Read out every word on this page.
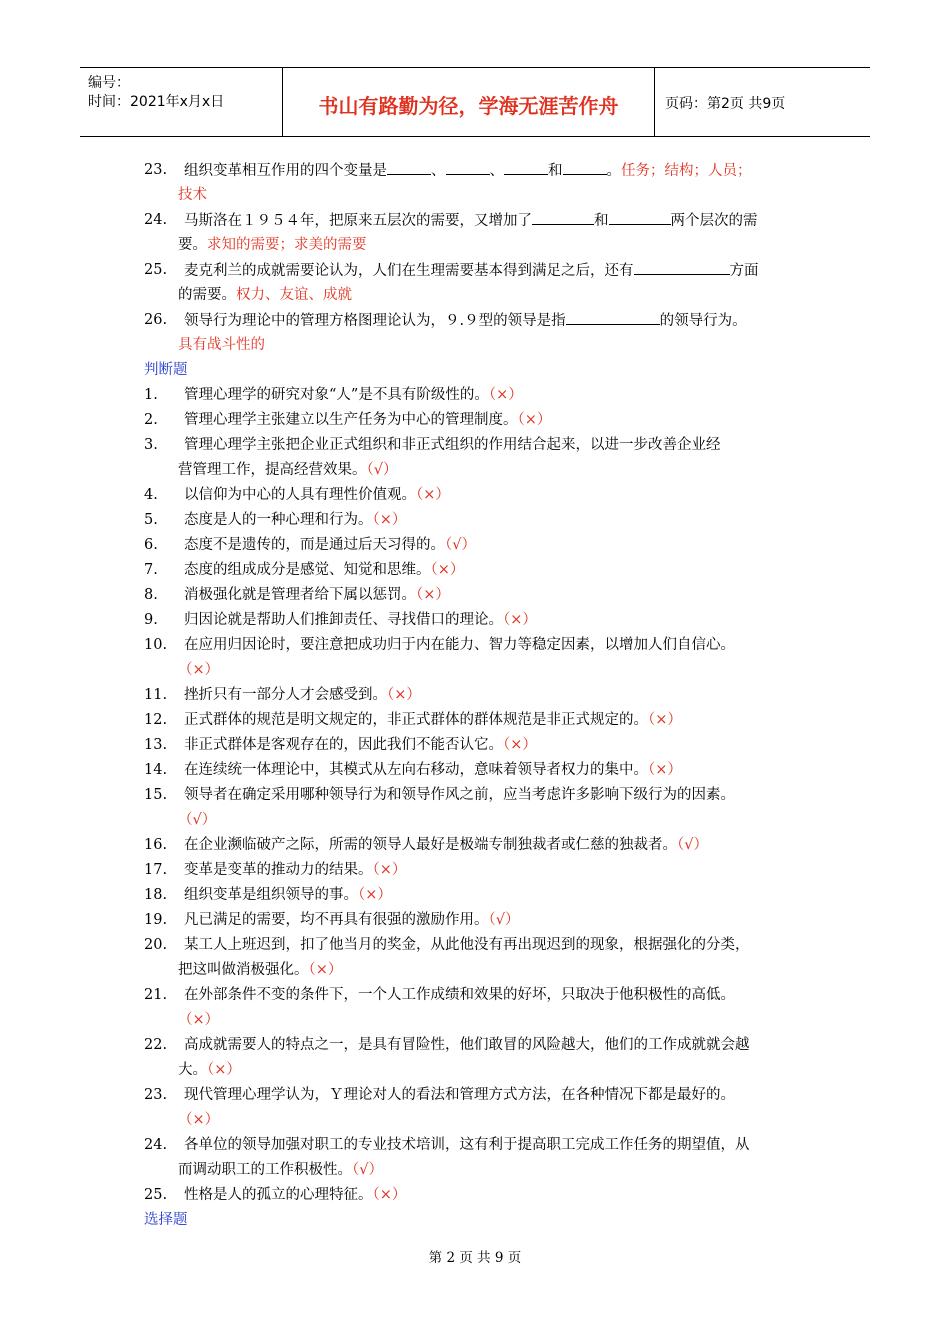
编号：
时间：2021年x月x日	书山有路勤为径，学海无涯苦作舟	页码：第2页 共9页
23. 组织变革相互作用的四个变量是	、	、	和	。任务；结构；人员；
技术
24. 马斯洛在１９５４年，把原来五层次的需要，又增加了	和	两个层次的需
要。求知的需要；求美的需要
25. 麦克利兰的成就需要论认为，人们在生理需要基本得到满足之后，还有	方面
的需要。权力、友谊、成就
26. 领导行为理论中的管理方格图理论认为，９.９型的领导是指	的领导行为。
具有战斗性的
判断题
1. 管理心理学的研究对象“人”是不具有阶级性的。（×）
2. 管理心理学主张建立以生产任务为中心的管理制度。（×）
3. 管理心理学主张把企业正式组织和非正式组织的作用结合起来，以进一步改善企业经
营管理工作，提高经营效果。（√）
4. 以信仰为中心的人具有理性价值观。（×）
5. 态度是人的一种心理和行为。（×）
6. 态度不是遗传的，而是通过后天习得的。（√）
7. 态度的组成成分是感觉、知觉和思维。（×）
8. 消极强化就是管理者给下属以惩罚。（×）
9. 归因论就是帮助人们推卸责任、寻找借口的理论。（×）
10. 在应用归因论时，要注意把成功归于内在能力、智力等稳定因素，以增加人们自信心。
（×）
11. 挫折只有一部分人才会感受到。（×）
12. 正式群体的规范是明文规定的，非正式群体的群体规范是非正式规定的。（×）
13. 非正式群体是客观存在的，因此我们不能否认它。（×）
14. 在连续统一体理论中，其模式从左向右移动，意味着领导者权力的集中。（×）
15. 领导者在确定采用哪种领导行为和领导作风之前，应当考虑许多影响下级行为的因素。
（√）
16. 在企业濒临破产之际，所需的领导人最好是极端专制独裁者或仁慈的独裁者。（√）
17. 变革是变革的推动力的结果。（×）
18. 组织变革是组织领导的事。（×）
19. 凡已满足的需要，均不再具有很强的激励作用。（√）
20. 某工人上班迟到，扣了他当月的奖金，从此他没有再出现迟到的现象，根据强化的分类，
把这叫做消极强化。（×）
21. 在外部条件不变的条件下，一个人工作成绩和效果的好坏，只取决于他积极性的高低。
（×）
22. 高成就需要人的特点之一，是具有冒险性，他们敢冒的风险越大，他们的工作成就就会越
大。（×）
23. 现代管理心理学认为，Ｙ理论对人的看法和管理方式方法，在各种情况下都是最好的。
（×）
24. 各单位的领导加强对职工的专业技术培训，这有利于提高职工完成工作任务的期望值，从
而调动职工的工作积极性。（√）
25. 性格是人的孤立的心理特征。（×）
选择题
第 2 页 共 9 页
